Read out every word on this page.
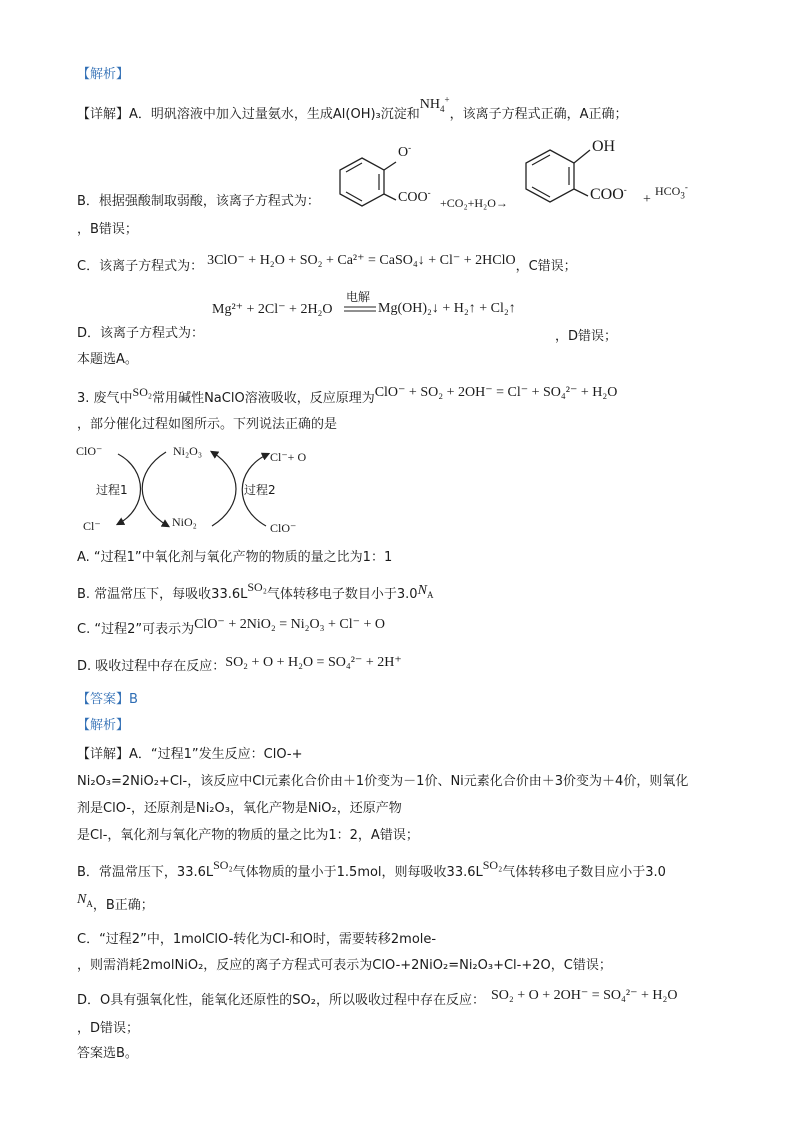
【解析】
【详解】A．明矾溶液中加入过量氨水，生成Al(OH)₃沉淀和$NH_4^+$，该离子方程式正确，A正确；
B．根据强酸制取弱酸，该离子方程式为：
O-
COO-
+CO₂+H₂O→
OH
COO-
+
$HCO_3^-$
，B错误；
C．该离子方程式为： 3ClO⁻ + H₂O + SO₂ + Ca²⁺ = CaSO₄↓ + Cl⁻ + 2HClO，C错误；
Mg²⁺ + 2Cl⁻ + 2H₂O
电解
Mg(OH)₂↓ + H₂↑ + Cl₂↑
D．该离子方程式为：	，D错误；
本题选A。
3. 废气中SO₂常用碱性NaClO溶液吸收，反应原理为ClO⁻ + SO₂ + 2OH⁻ = Cl⁻ + SO₄²⁻ + H₂O
，部分催化过程如图所示。下列说法正确的是
ClO⁻	Ni₂O₃	Cl⁻+ O
过程1	过程2
Cl⁻	NiO₂	ClO⁻
A. “过程1”中氧化剂与氧化产物的物质的量之比为1：1
B. 常温常压下，每吸收33.6LSO₂气体转移电子数目小于$3.0N_A$
C. “过程2”可表示为ClO⁻ + 2NiO₂ = Ni₂O₃ + Cl⁻ + O
D. 吸收过程中存在反应：SO₂ + O + H₂O = SO₄²⁻ + 2H⁺
【答案】B
【解析】
【详解】A．“过程1”发生反应：ClO-+
Ni₂O₃=2NiO₂+Cl-，该反应中Cl元素化合价由＋1价变为－1价、Ni元素化合价由＋3价变为＋4价，则氧化
剂是ClO-，还原剂是Ni₂O₃，氧化产物是NiO₂，还原产物
是Cl-，氧化剂与氧化产物的物质的量之比为1：2，A错误；
B．常温常压下，33.6LSO₂气体物质的量小于1.5mol，则每吸收33.6LSO₂气体转移电子数目应小于3.0
$N_A$，B正确；
C．“过程2”中，1molClO-转化为Cl-和O时，需要转移2mole-
，则需消耗2molNiO₂，反应的离子方程式可表示为ClO-+2NiO₂=Ni₂O₃+Cl-+2O，C错误；
D．O具有强氧化性，能氧化还原性的SO₂，所以吸收过程中存在反应： SO₂ + O + 2OH⁻ = SO₄²⁻ + H₂O
，D错误；
答案选B。
